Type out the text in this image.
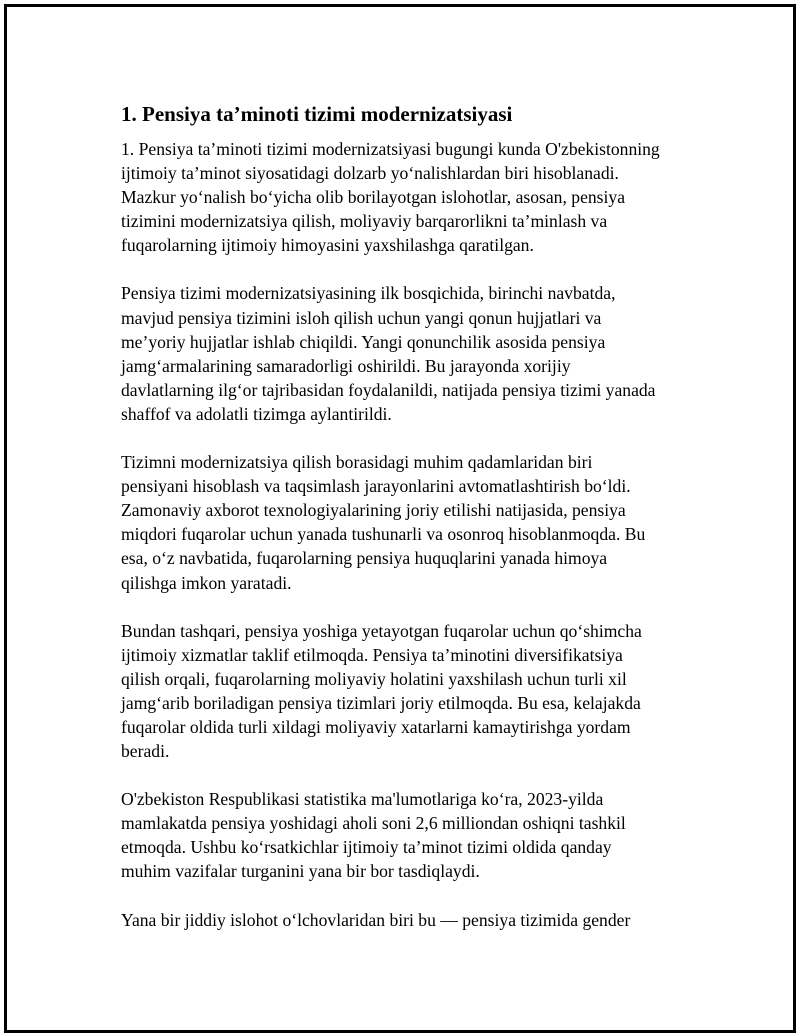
1. Pensiya ta’minoti tizimi modernizatsiyasi

1. Pensiya ta’minoti tizimi modernizatsiyasi bugungi kunda O'zbekistonning
ijtimoiy ta’minot siyosatidagi dolzarb yo‘nalishlardan biri hisoblanadi.
Mazkur yo‘nalish bo‘yicha olib borilayotgan islohotlar, asosan, pensiya
tizimini modernizatsiya qilish, moliyaviy barqarorlikni ta’minlash va
fuqarolarning ijtimoiy himoyasini yaxshilashga qaratilgan.

Pensiya tizimi modernizatsiyasining ilk bosqichida, birinchi navbatda,
mavjud pensiya tizimini isloh qilish uchun yangi qonun hujjatlari va
me’yoriy hujjatlar ishlab chiqildi. Yangi qonunchilik asosida pensiya
jamg‘armalarining samaradorligi oshirildi. Bu jarayonda xorijiy
davlatlarning ilg‘or tajribasidan foydalanildi, natijada pensiya tizimi yanada
shaffof va adolatli tizimga aylantirildi.

Tizimni modernizatsiya qilish borasidagi muhim qadamlaridan biri
pensiyani hisoblash va taqsimlash jarayonlarini avtomatlashtirish bo‘ldi.
Zamonaviy axborot texnologiyalarining joriy etilishi natijasida, pensiya
miqdori fuqarolar uchun yanada tushunarli va osonroq hisoblanmoqda. Bu
esa, o‘z navbatida, fuqarolarning pensiya huquqlarini yanada himoya
qilishga imkon yaratadi.

Bundan tashqari, pensiya yoshiga yetayotgan fuqarolar uchun qo‘shimcha
ijtimoiy xizmatlar taklif etilmoqda. Pensiya ta’minotini diversifikatsiya
qilish orqali, fuqarolarning moliyaviy holatini yaxshilash uchun turli xil
jamg‘arib boriladigan pensiya tizimlari joriy etilmoqda. Bu esa, kelajakda
fuqarolar oldida turli xildagi moliyaviy xatarlarni kamaytirishga yordam
beradi.

O'zbekiston Respublikasi statistika ma'lumotlariga ko‘ra, 2023-yilda
mamlakatda pensiya yoshidagi aholi soni 2,6 milliondan oshiqni tashkil
etmoqda. Ushbu ko‘rsatkichlar ijtimoiy ta’minot tizimi oldida qanday
muhim vazifalar turganini yana bir bor tasdiqlaydi.

Yana bir jiddiy islohot o‘lchovlaridan biri bu — pensiya tizimida gender
